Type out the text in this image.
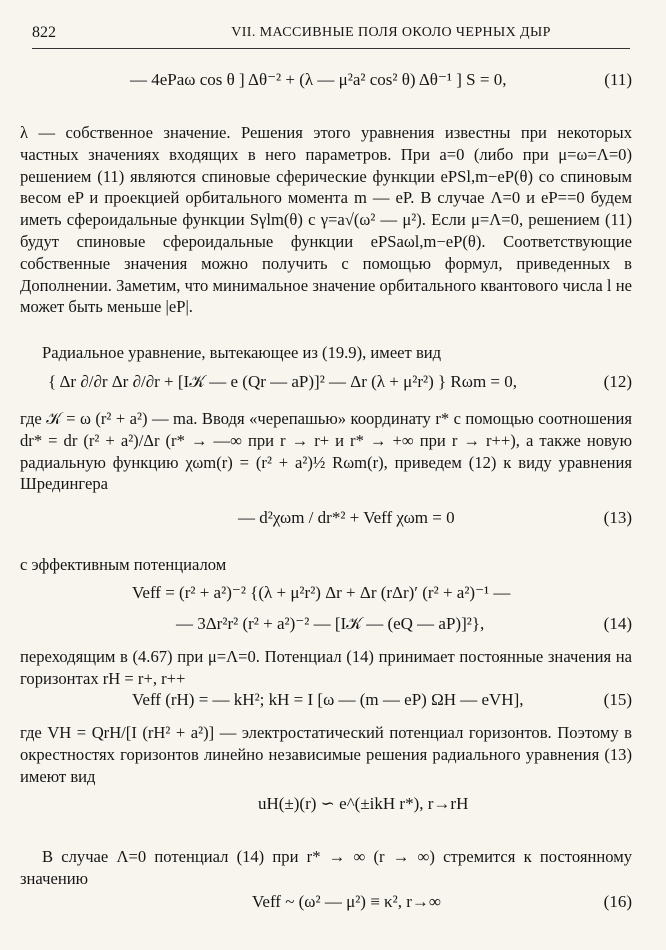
822	VII. МАССИВНЫЕ ПОЛЯ ОКОЛО ЧЕРНЫХ ДЫР
— 4ePaω cos θ ] Δθ⁻² + (λ — μ²a² cos² θ) Δθ⁻¹ ] S = 0,	(11)
λ — собственное значение. Решения этого уравнения известны при некоторых частных значениях входящих в него параметров. При a=0 (либо при μ=ω=Λ=0) решением (11) являются спиновые сферические функции ePSl,m−eP(θ) со спиновым весом eP и проекцией орбитального момента m — eP. В случае Λ=0 и eP==0 будем иметь сфероидальные функции Sγlm(θ) с γ=a√(ω² — μ²). Если μ=Λ=0, решением (11) будут спиновые сфероидальные функции ePSaωl,m−eP(θ). Соответствующие собственные значения можно получить с помощью формул, приведенных в Дополнении. Заметим, что минимальное значение орбитального квантового числа l не может быть меньше |eP|.
Радиальное уравнение, вытекающее из (19.9), имеет вид
{ Δr ∂/∂r Δr ∂/∂r + [I𝒦 — e (Qr — aP)]² — Δr (λ + μ²r²) } Rωm = 0,	(12)
где 𝒦 = ω (r² + a²) — ma. Вводя «черепашью» координату r* с помощью соотношения dr* = dr (r² + a²)/Δr (r* → —∞ при r → r+ и r* → +∞ при r → r++), а также новую радиальную функцию χωm(r) = (r² + a²)½ Rωm(r), приведем (12) к виду уравнения Шредингера
— d²χωm / dr*² + Veff χωm = 0	(13)
с эффективным потенциалом
Veff = (r² + a²)⁻² {(λ + μ²r²) Δr + Δr (rΔr)′ (r² + a²)⁻¹ —
— 3Δr²r² (r² + a²)⁻² — [I𝒦 — (eQ — aP)]²},	(14)
переходящим в (4.67) при μ=Λ=0. Потенциал (14) принимает постоянные значения на горизонтах rH = r+, r++
Veff (rH) = — kH²; kH = I [ω — (m — eP) ΩH — eVH],	(15)
где VH = QrH/[I (rH² + a²)] — электростатический потенциал горизонтов. Поэтому в окрестностях горизонтов линейно независимые решения радиального уравнения (13) имеют вид
uH(±)(r) ∽ e^(±ikH r*), r→rH
В случае Λ=0 потенциал (14) при r* → ∞ (r → ∞) стремится к постоянному значению
Veff ~ (ω² — μ²) ≡ κ², r→∞	(16)
